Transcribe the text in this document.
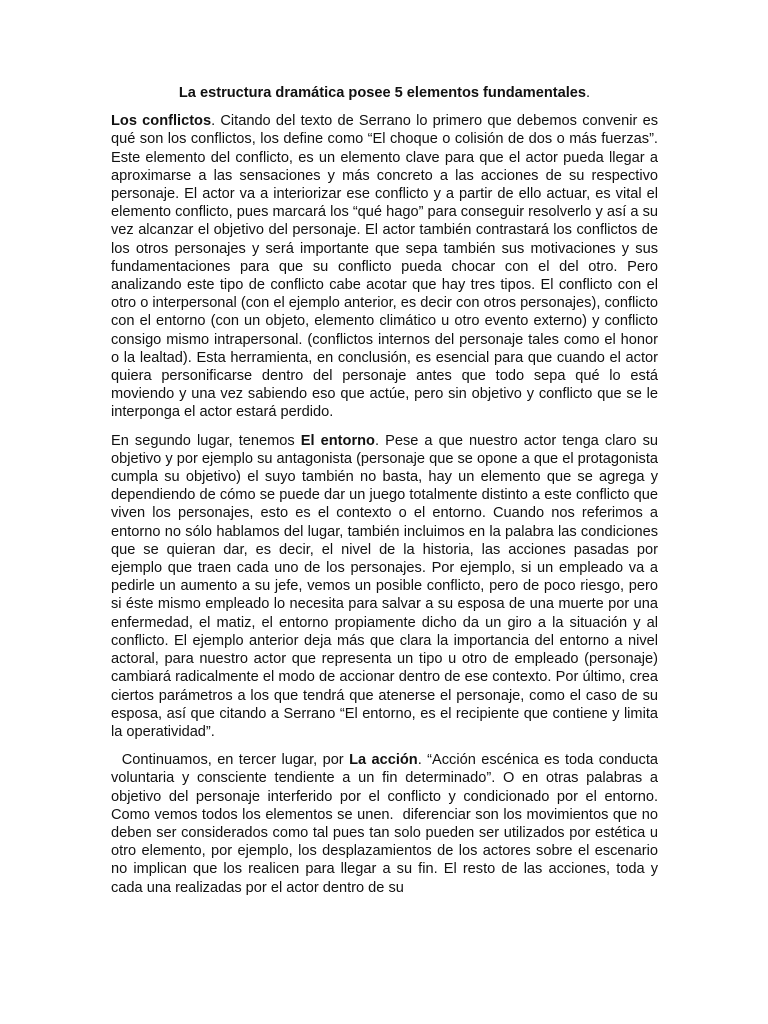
La estructura dramática posee 5 elementos fundamentales.

Los conflictos. Citando del texto de Serrano lo primero que debemos convenir es qué son los conflictos, los define como “El choque o colisión de dos o más fuerzas”. Este elemento del conflicto, es un elemento clave para que el actor pueda llegar a aproximarse a las sensaciones y más concreto a las acciones de su respectivo personaje. El actor va a interiorizar ese conflicto y a partir de ello actuar, es vital el elemento conflicto, pues marcará los “qué hago” para conseguir resolverlo y así a su vez alcanzar el objetivo del personaje. El actor también contrastará los conflictos de los otros personajes y será importante que sepa también sus motivaciones y sus fundamentaciones para que su conflicto pueda chocar con el del otro. Pero analizando este tipo de conflicto cabe acotar que hay tres tipos. El conflicto con el otro o interpersonal (con el ejemplo anterior, es decir con otros personajes), conflicto con el entorno (con un objeto, elemento climático u otro evento externo) y conflicto consigo mismo intrapersonal. (conflictos internos del personaje tales como el honor o la lealtad). Esta herramienta, en conclusión, es esencial para que cuando el actor quiera personificarse dentro del personaje antes que todo sepa qué lo está moviendo y una vez sabiendo eso que actúe, pero sin objetivo y conflicto que se le interponga el actor estará perdido.

En segundo lugar, tenemos El entorno. Pese a que nuestro actor tenga claro su objetivo y por ejemplo su antagonista (personaje que se opone a que el protagonista cumpla su objetivo) el suyo también no basta, hay un elemento que se agrega y dependiendo de cómo se puede dar un juego totalmente distinto a este conflicto que viven los personajes, esto es el contexto o el entorno. Cuando nos referimos a entorno no sólo hablamos del lugar, también incluimos en la palabra las condiciones que se quieran dar, es decir, el nivel de la historia, las acciones pasadas por ejemplo que traen cada uno de los personajes. Por ejemplo, si un empleado va a pedirle un aumento a su jefe, vemos un posible conflicto, pero de poco riesgo, pero si éste mismo empleado lo necesita para salvar a su esposa de una muerte por una enfermedad, el matiz, el entorno propiamente dicho da un giro a la situación y al conflicto. El ejemplo anterior deja más que clara la importancia del entorno a nivel actoral, para nuestro actor que representa un tipo u otro de empleado (personaje) cambiará radicalmente el modo de accionar dentro de ese contexto. Por último, crea ciertos parámetros a los que tendrá que atenerse el personaje, como el caso de su esposa, así que citando a Serrano “El entorno, es el recipiente que contiene y limita la operatividad”.

Continuamos, en tercer lugar, por La acción. “Acción escénica es toda conducta voluntaria y consciente tendiente a un fin determinado”. O en otras palabras a objetivo del personaje interferido por el conflicto y condicionado por el entorno. Como vemos todos los elementos se unen.  diferenciar son los movimientos que no deben ser considerados como tal pues tan solo pueden ser utilizados por estética u otro elemento, por ejemplo, los desplazamientos de los actores sobre el escenario no implican que los realicen para llegar a su fin. El resto de las acciones, toda y cada una realizadas por el actor dentro de su
